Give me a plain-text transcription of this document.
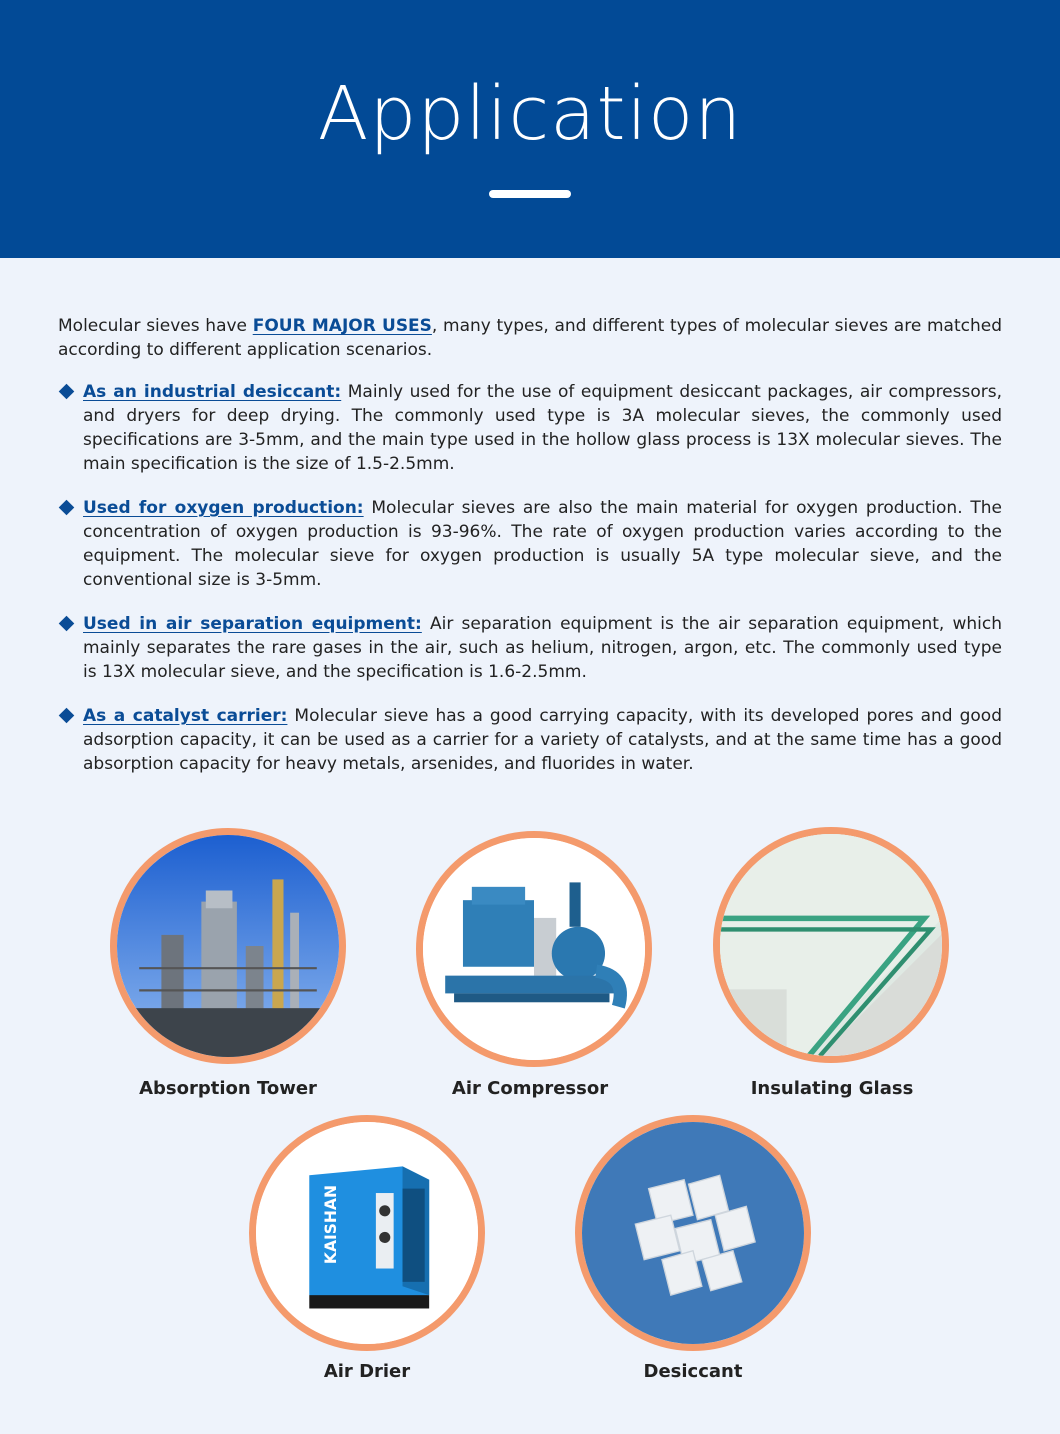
Application

Molecular sieves have FOUR MAJOR USES, many types, and different types of molecular sieves are matched according to different application scenarios.

As an industrial desiccant: Mainly used for the use of equipment desiccant packages, air compressors, and dryers for deep drying. The commonly used type is 3A molecular sieves, the commonly used specifications are 3-5mm, and the main type used in the hollow glass process is 13X molecular sieves. The main specification is the size of 1.5-2.5mm.
Used for oxygen production: Molecular sieves are also the main material for oxygen production. The concentration of oxygen production is 93-96%. The rate of oxygen production varies according to the equipment. The molecular sieve for oxygen production is usually 5A type molecular sieve, and the conventional size is 3-5mm.
Used in air separation equipment: Air separation equipment is the air separation equipment, which mainly separates the rare gases in the air, such as helium, nitrogen, argon, etc. The commonly used type is 13X molecular sieve, and the specification is 1.6-2.5mm.
As a catalyst carrier: Molecular sieve has a good carrying capacity, with its developed pores and good adsorption capacity, it can be used as a carrier for a variety of catalysts, and at the same time has a good absorption capacity for heavy metals, arsenides, and fluorides in water.
Absorption Tower	Air Compressor	Insulating Glass
KAISHAN
Air Drier	Desiccant
